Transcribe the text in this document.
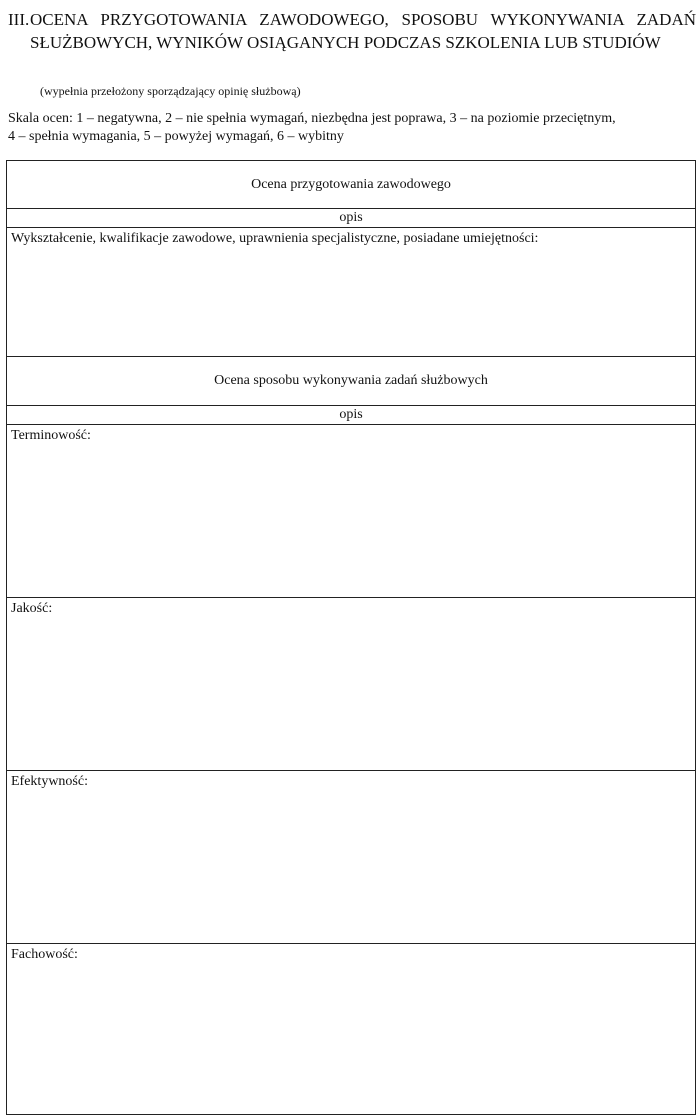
III. OCENA PRZYGOTOWANIA ZAWODOWEGO, SPOSOBU WYKONYWANIA ZADAŃ SŁUŻBOWYCH, WYNIKÓW OSIĄGANYCH PODCZAS SZKOLENIA LUB STUDIÓW
(wypełnia przełożony sporządzający opinię służbową)
Skala ocen: 1 – negatywna, 2 – nie spełnia wymagań, niezbędna jest poprawa, 3 – na poziomie przeciętnym,
4 – spełnia wymagania, 5 – powyżej wymagań, 6 – wybitny
Ocena przygotowania zawodowego
opis
Wykształcenie, kwalifikacje zawodowe, uprawnienia specjalistyczne, posiadane umiejętności:
Ocena sposobu wykonywania zadań służbowych
opis
Terminowość:
Jakość:
Efektywność:
Fachowość:
